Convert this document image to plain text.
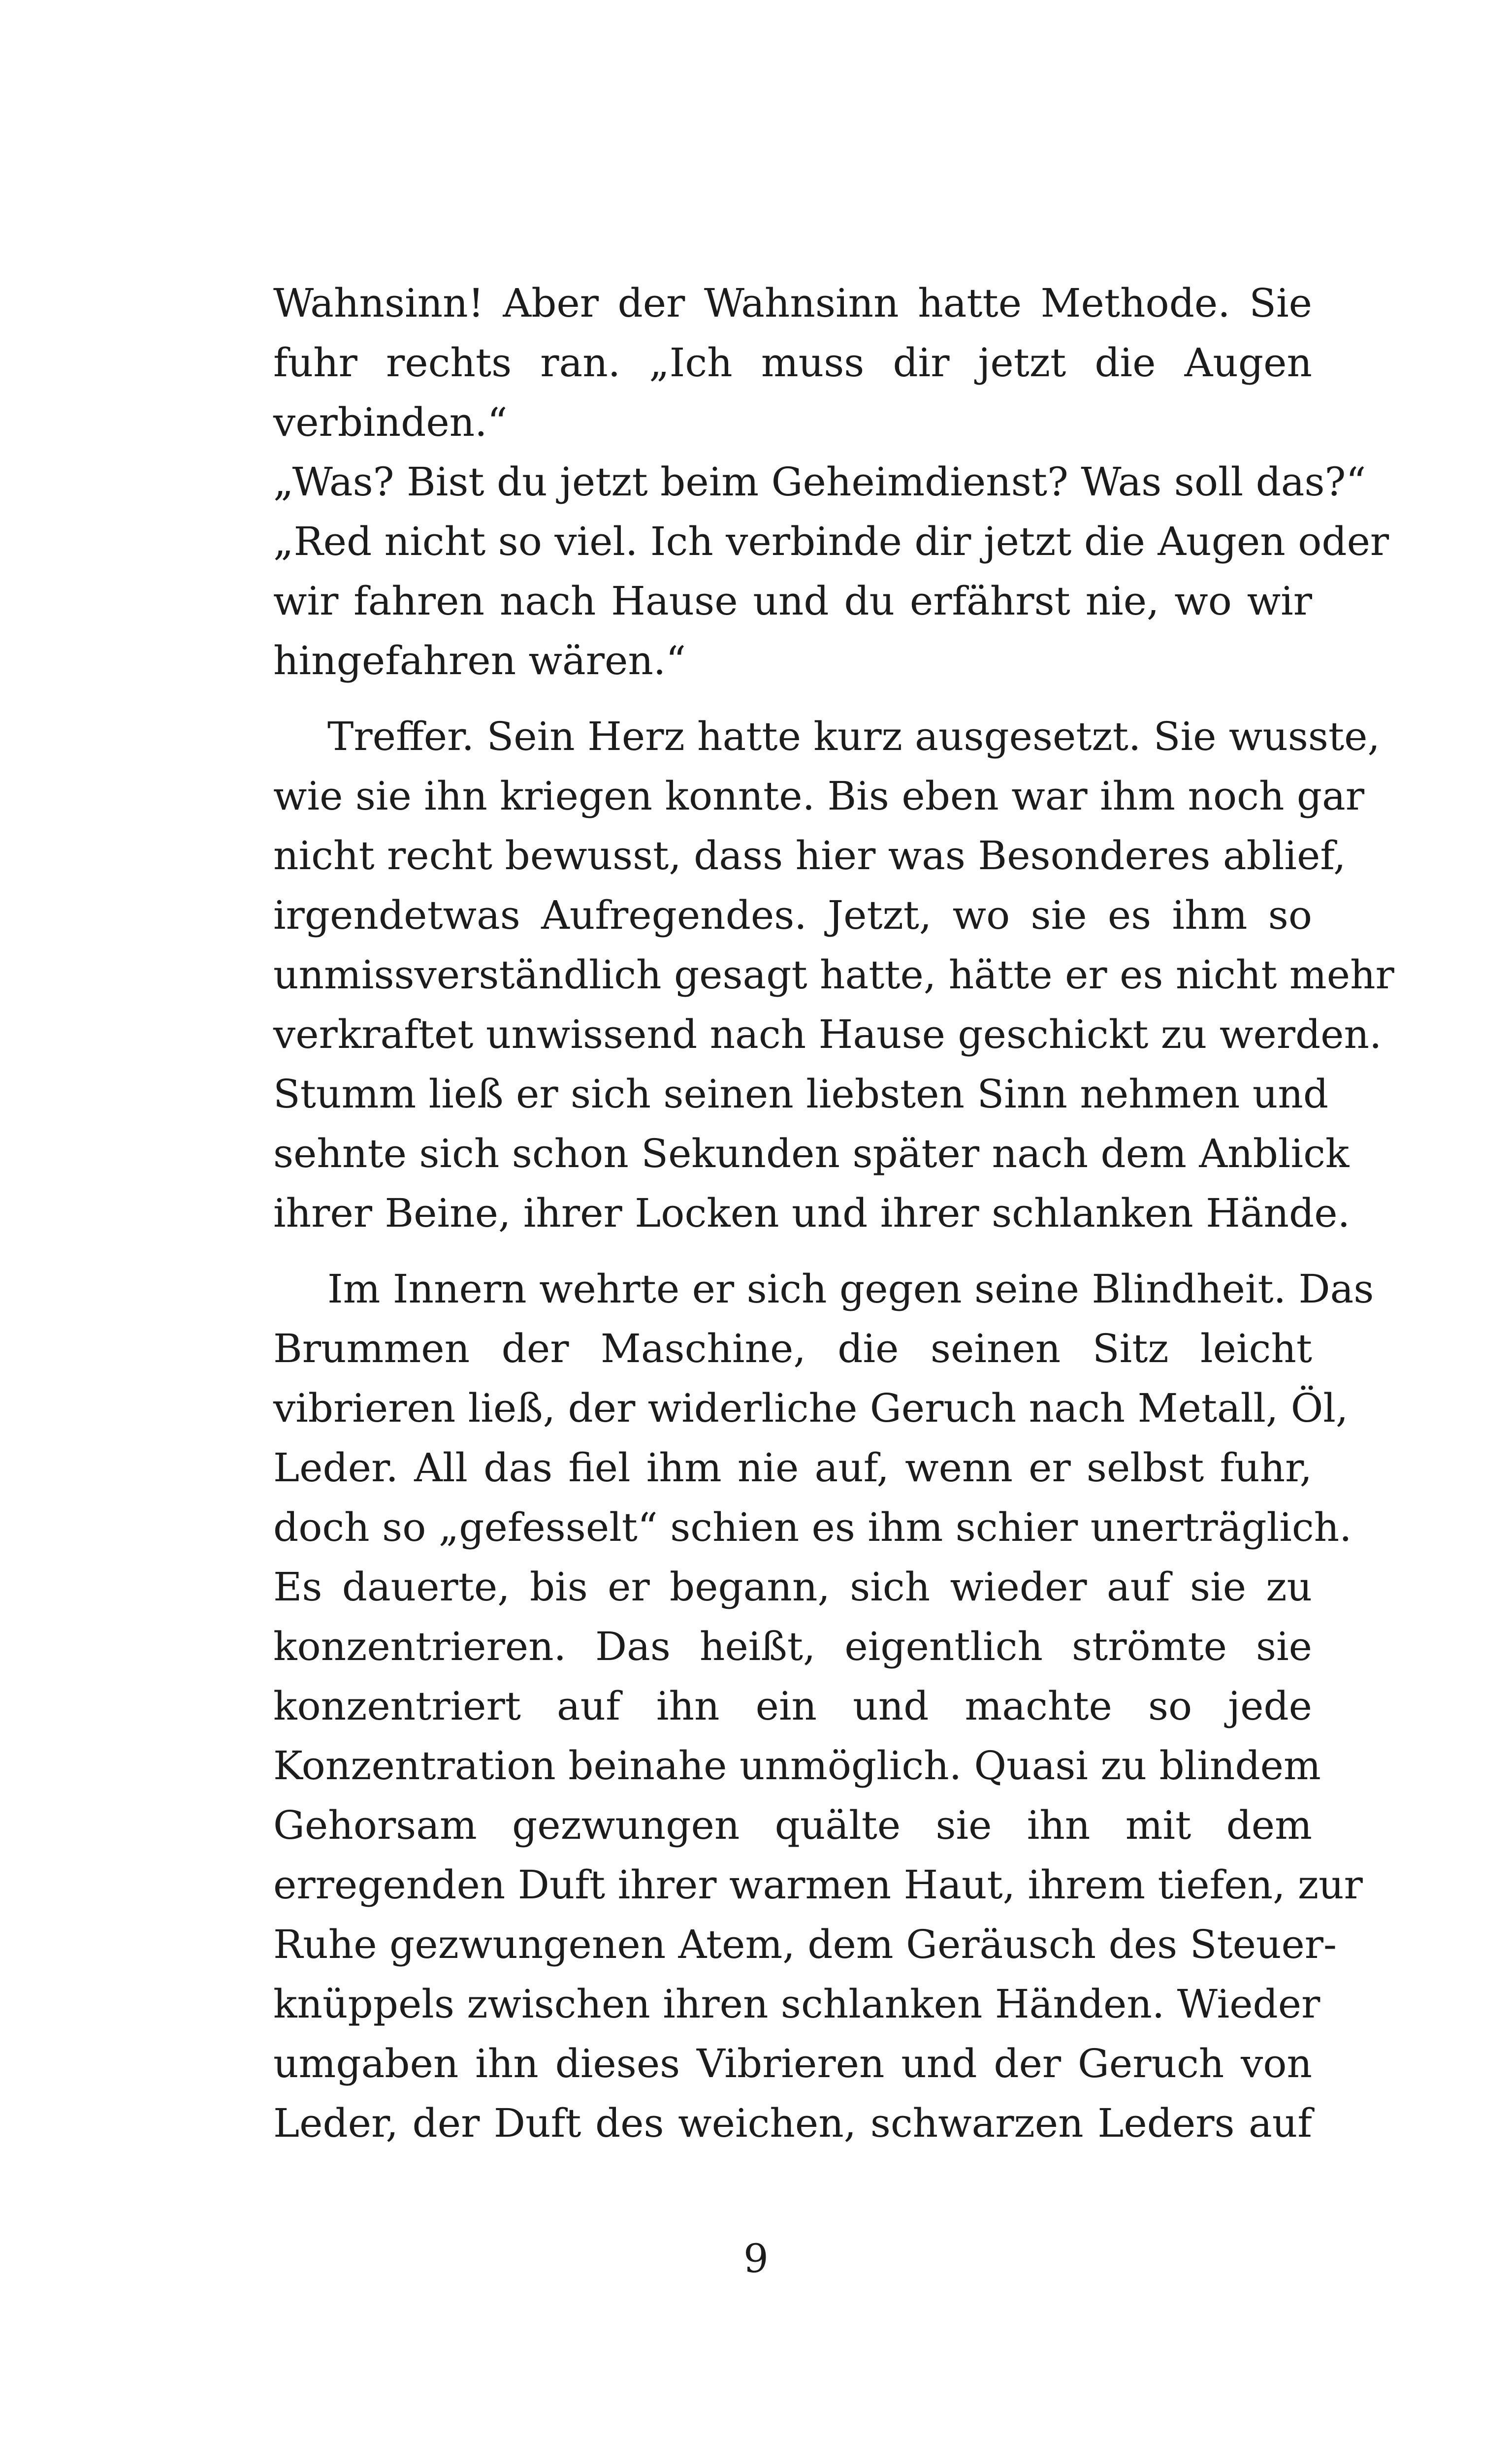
Wahnsinn! Aber der Wahnsinn hatte Methode. Sie
fuhr rechts ran. „Ich muss dir jetzt die Augen
verbinden.“
„Was? Bist du jetzt beim Geheimdienst? Was soll das?“
„Red nicht so viel. Ich verbinde dir jetzt die Augen oder
wir fahren nach Hause und du erfährst nie, wo wir
hingefahren wären.“
Treffer. Sein Herz hatte kurz ausgesetzt. Sie wusste,
wie sie ihn kriegen konnte. Bis eben war ihm noch gar
nicht recht bewusst, dass hier was Besonderes ablief,
irgendetwas Aufregendes. Jetzt, wo sie es ihm so
unmissverständlich gesagt hatte, hätte er es nicht mehr
verkraftet unwissend nach Hause geschickt zu werden.
Stumm ließ er sich seinen liebsten Sinn nehmen und
sehnte sich schon Sekunden später nach dem Anblick
ihrer Beine, ihrer Locken und ihrer schlanken Hände.
Im Innern wehrte er sich gegen seine Blindheit. Das
Brummen der Maschine, die seinen Sitz leicht
vibrieren ließ, der widerliche Geruch nach Metall, Öl,
Leder. All das fiel ihm nie auf, wenn er selbst fuhr,
doch so „gefesselt“ schien es ihm schier unerträglich.
Es dauerte, bis er begann, sich wieder auf sie zu
konzentrieren. Das heißt, eigentlich strömte sie
konzentriert auf ihn ein und machte so jede
Konzentration beinahe unmöglich. Quasi zu blindem
Gehorsam gezwungen quälte sie ihn mit dem
erregenden Duft ihrer warmen Haut, ihrem tiefen, zur
Ruhe gezwungenen Atem, dem Geräusch des Steuer-
knüppels zwischen ihren schlanken Händen. Wieder
umgaben ihn dieses Vibrieren und der Geruch von
Leder, der Duft des weichen, schwarzen Leders auf
9
